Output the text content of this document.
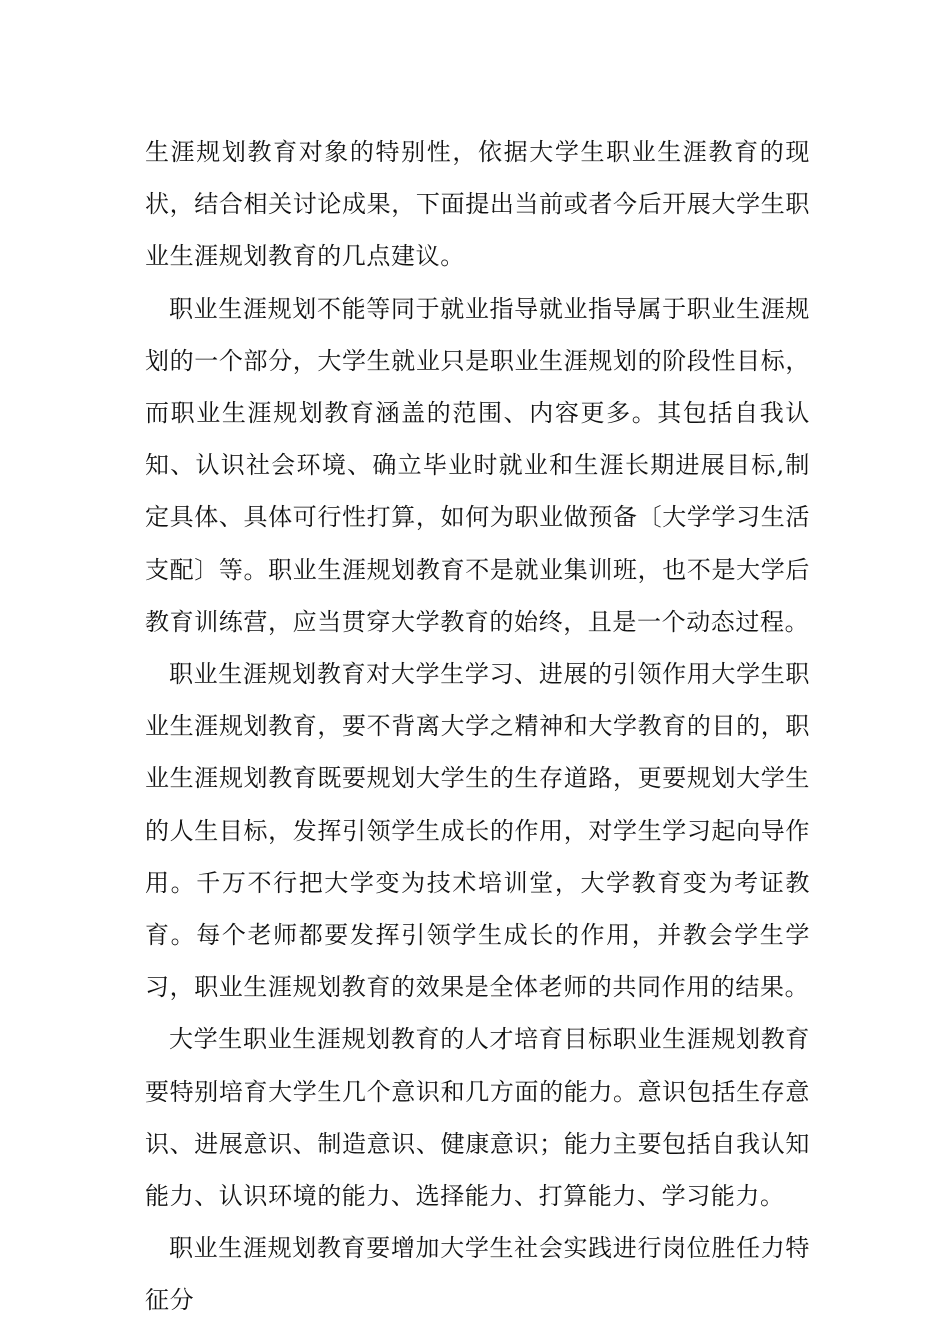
生涯规划教育对象的特别性，依据大学生职业生涯教育的现状，结合相关讨论成果，下面提出当前或者今后开展大学生职业生涯规划教育的几点建议。

职业生涯规划不能等同于就业指导就业指导属于职业生涯规划的一个部分，大学生就业只是职业生涯规划的阶段性目标，而职业生涯规划教育涵盖的范围、内容更多。其包括自我认知、认识社会环境、确立毕业时就业和生涯长期进展目标,制定具体、具体可行性打算，如何为职业做预备〔大学学习生活支配〕等。职业生涯规划教育不是就业集训班，也不是大学后教育训练营，应当贯穿大学教育的始终，且是一个动态过程。

职业生涯规划教育对大学生学习、进展的引领作用大学生职业生涯规划教育，要不背离大学之精神和大学教育的目的，职业生涯规划教育既要规划大学生的生存道路，更要规划大学生的人生目标，发挥引领学生成长的作用，对学生学习起向导作用。千万不行把大学变为技术培训堂，大学教育变为考证教育。每个老师都要发挥引领学生成长的作用，并教会学生学习，职业生涯规划教育的效果是全体老师的共同作用的结果。

大学生职业生涯规划教育的人才培育目标职业生涯规划教育要特别培育大学生几个意识和几方面的能力。意识包括生存意识、进展意识、制造意识、健康意识；能力主要包括自我认知能力、认识环境的能力、选择能力、打算能力、学习能力。

职业生涯规划教育要增加大学生社会实践进行岗位胜任力特征分
